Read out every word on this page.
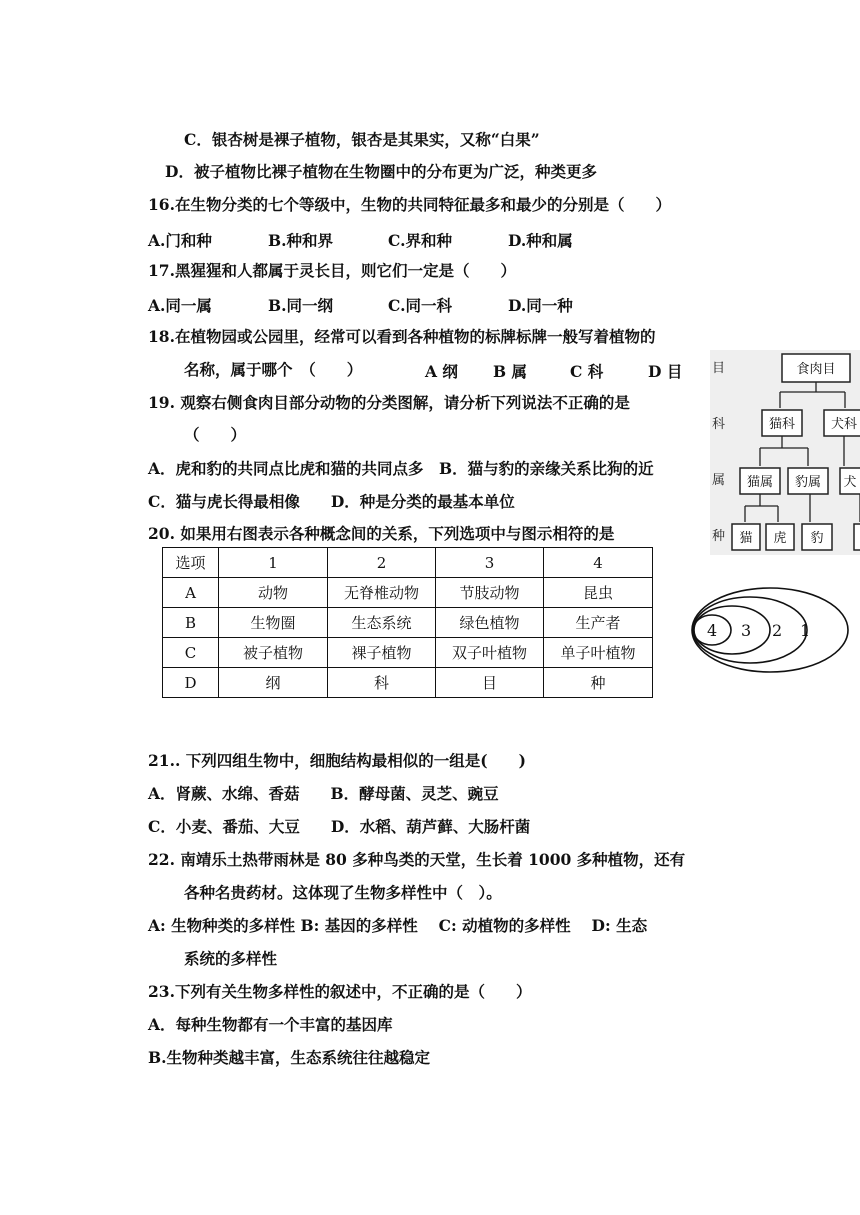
C．银杏树是裸子植物，银杏是其果实，又称“白果”
D．被子植物比裸子植物在生物圈中的分布更为广泛，种类更多
16.在生物分类的七个等级中，生物的共同特征最多和最少的分别是（　　）
A.门和种	B.种和界	C.界和种	D.种和属
17.黑猩猩和人都属于灵长目，则它们一定是（　　）
A.同一属	B.同一纲	C.同一科	D.同一种
18.在植物园或公园里，经常可以看到各种植物的标牌标牌一般写着植物的
名称，属于哪个　（　　）	A 纲 B 属	C 科	D 目
19. 观察右侧食肉目部分动物的分类图解，请分析下列说法不正确的是
（　　）
A．虎和豹的共同点比虎和猫的共同点多　B．猫与豹的亲缘关系比狗的近
C．猫与虎长得最相像　　D．种是分类的最基本单位
20. 如果用右图表示各种概念间的关系，下列选项中与图示相符的是
选项	1	2	3	4
A	动物	无脊椎动物	节肢动物	昆虫
B	生物圈	生态系统	绿色植物	生产者
C	被子植物	裸子植物	双子叶植物	单子叶植物
D	纲	科	目	种
目
科
属
种
食肉目
猫科	犬科
猫属 豹属 犬
猫 虎 豹
4 3 2 1
21.. 下列四组生物中，细胞结构最相似的一组是(　　)
A．肾蕨、水绵、香菇　　B．酵母菌、灵芝、豌豆
C．小麦、番茄、大豆　　D．水稻、葫芦藓、大肠杆菌
22. 南靖乐土热带雨林是 80 多种鸟类的天堂，生长着 1000 多种植物，还有
各种名贵药材。这体现了生物多样性中（　）。
A: 生物种类的多样性 B: 基因的多样性　 C: 动植物的多样性　 D: 生态
系统的多样性
23.下列有关生物多样性的叙述中，不正确的是（　　）
A．每种生物都有一个丰富的基因库
B.生物种类越丰富，生态系统往往越稳定
